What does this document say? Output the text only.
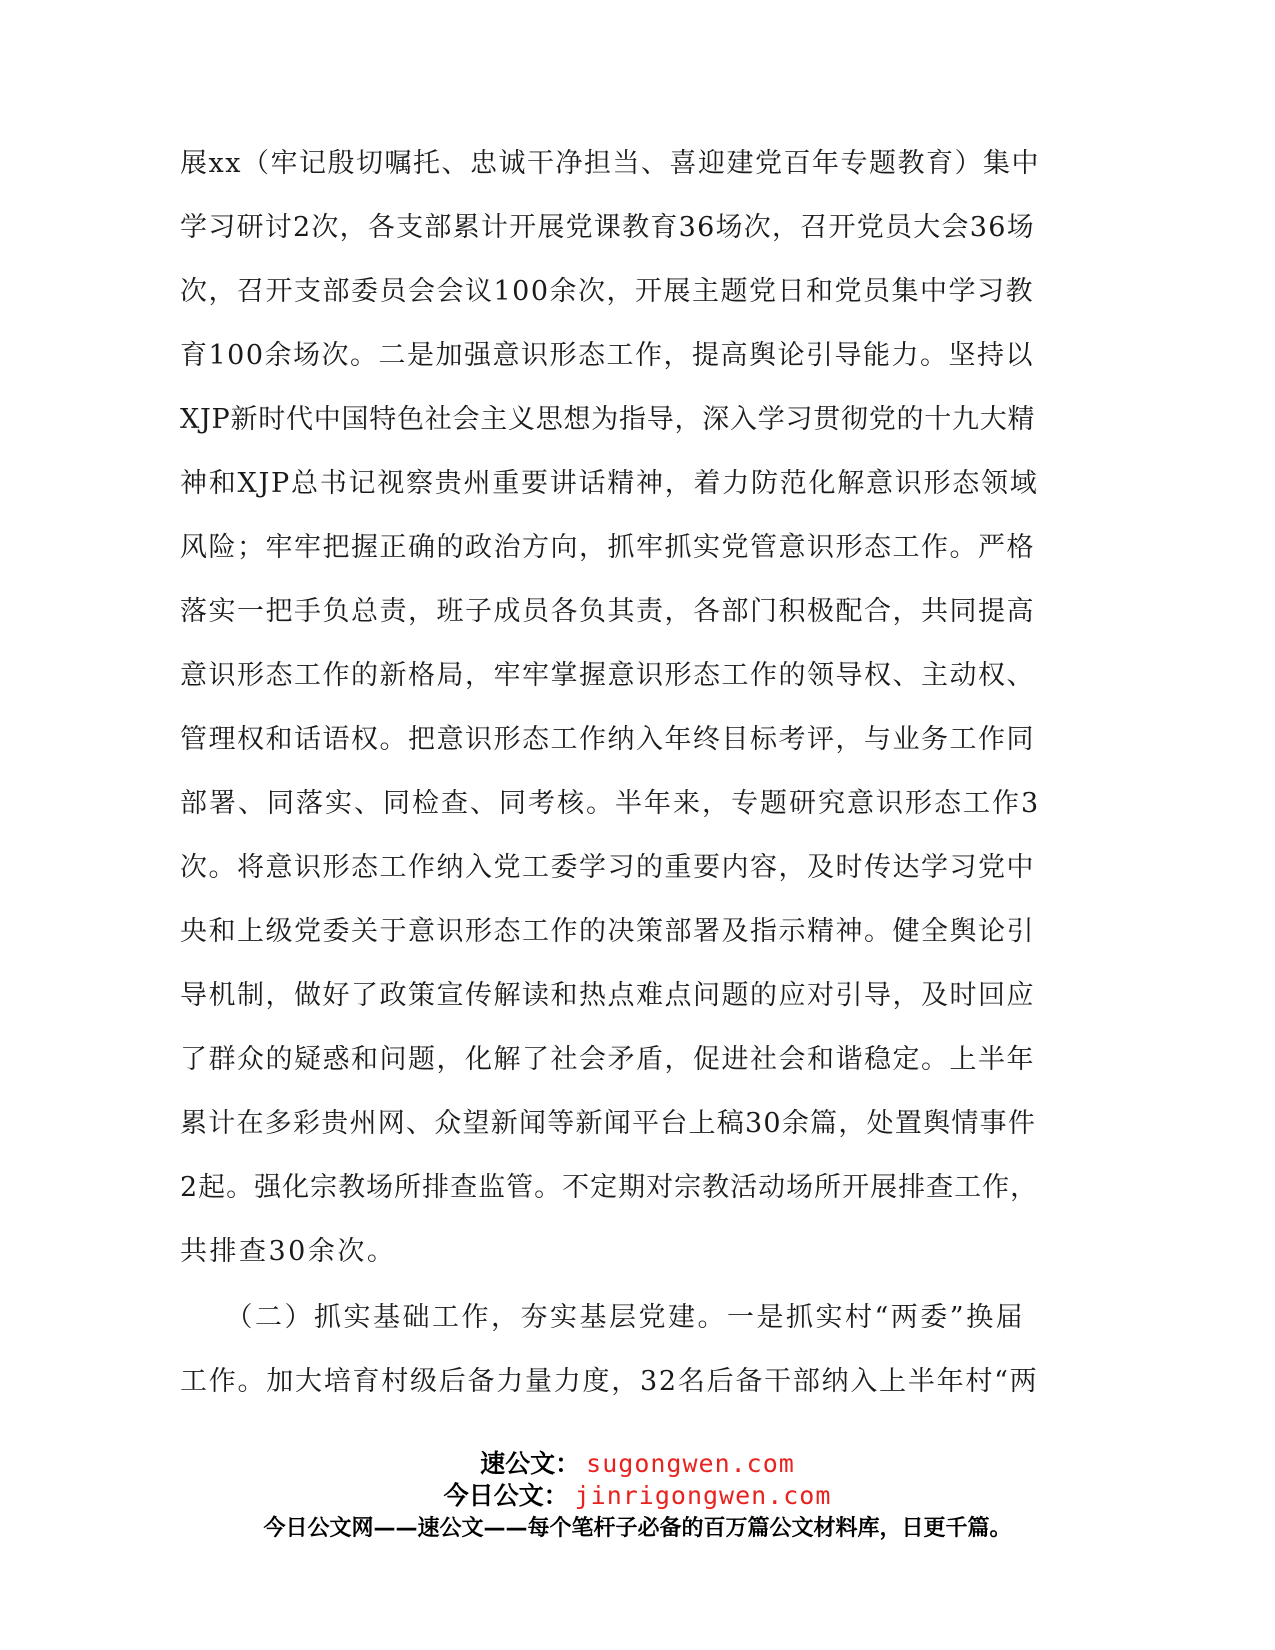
展xx（牢记殷切嘱托、忠诚干净担当、喜迎建党百年专题教育）集中
学习研讨2次，各支部累计开展党课教育36场次，召开党员大会36场
次，召开支部委员会会议100余次，开展主题党日和党员集中学习教
育100余场次。二是加强意识形态工作，提高舆论引导能力。坚持以
XJP新时代中国特色社会主义思想为指导，深入学习贯彻党的十九大精
神和XJP总书记视察贵州重要讲话精神，着力防范化解意识形态领域
风险；牢牢把握正确的政治方向，抓牢抓实党管意识形态工作。严格
落实一把手负总责，班子成员各负其责，各部门积极配合，共同提高
意识形态工作的新格局，牢牢掌握意识形态工作的领导权、主动权、
管理权和话语权。把意识形态工作纳入年终目标考评，与业务工作同
部署、同落实、同检查、同考核。半年来，专题研究意识形态工作3
次。将意识形态工作纳入党工委学习的重要内容，及时传达学习党中
央和上级党委关于意识形态工作的决策部署及指示精神。健全舆论引
导机制，做好了政策宣传解读和热点难点问题的应对引导，及时回应
了群众的疑惑和问题，化解了社会矛盾，促进社会和谐稳定。上半年
累计在多彩贵州网、众望新闻等新闻平台上稿30余篇，处置舆情事件
2起。强化宗教场所排查监管。不定期对宗教活动场所开展排查工作，
共排查30余次。
　　（二）抓实基础工作，夯实基层党建。一是抓实村“两委”换届
工作。加大培育村级后备力量力度，32名后备干部纳入上半年村“两
速公文： sugongwen.com
今日公文： jinrigongwen.com
今日公文网——速公文——每个笔杆子必备的百万篇公文材料库，日更千篇。
